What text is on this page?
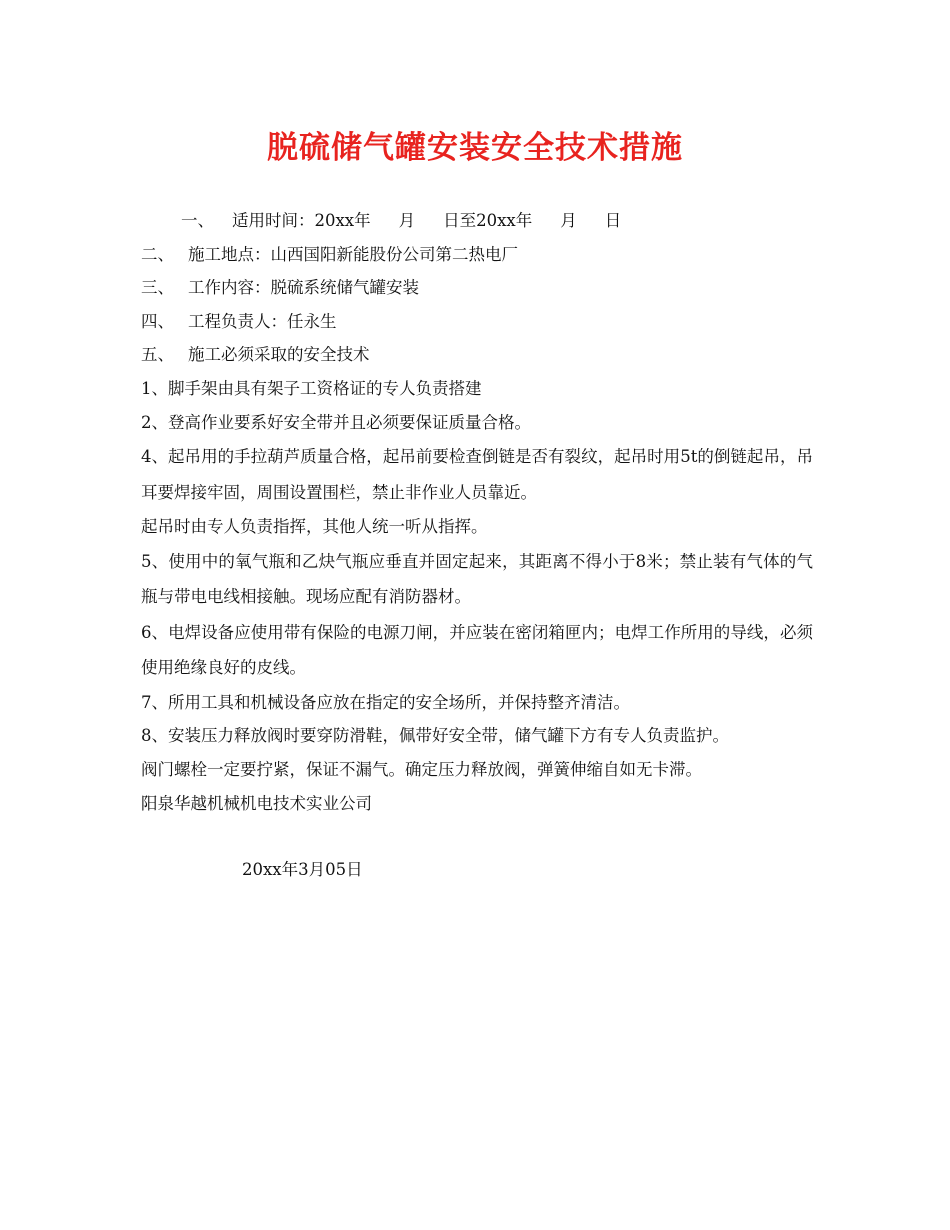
脱硫储气罐安装安全技术措施

一、 适用时间：20xx年 月 日至20xx年 月 日

二、 施工地点：山西国阳新能股份公司第二热电厂

三、 工作内容：脱硫系统储气罐安装

四、 工程负责人：任永生

五、 施工必须采取的安全技术

1、脚手架由具有架子工资格证的专人负责搭建

2、登高作业要系好安全带并且必须要保证质量合格。

4、起吊用的手拉葫芦质量合格，起吊前要检查倒链是否有裂纹，起吊时用5t的倒链起吊，吊耳要焊接牢固，周围设置围栏，禁止非作业人员靠近。

起吊时由专人负责指挥，其他人统一听从指挥。

5、使用中的氧气瓶和乙炔气瓶应垂直并固定起来，其距离不得小于8米；禁止装有气体的气瓶与带电电线相接触。现场应配有消防器材。

6、电焊设备应使用带有保险的电源刀闸，并应装在密闭箱匣内；电焊工作所用的导线，必须使用绝缘良好的皮线。

7、所用工具和机械设备应放在指定的安全场所，并保持整齐清洁。

8、安装压力释放阀时要穿防滑鞋，佩带好安全带，储气罐下方有专人负责监护。

阀门螺栓一定要拧紧，保证不漏气。确定压力释放阀，弹簧伸缩自如无卡滞。

阳泉华越机械机电技术实业公司

20xx年3月05日
